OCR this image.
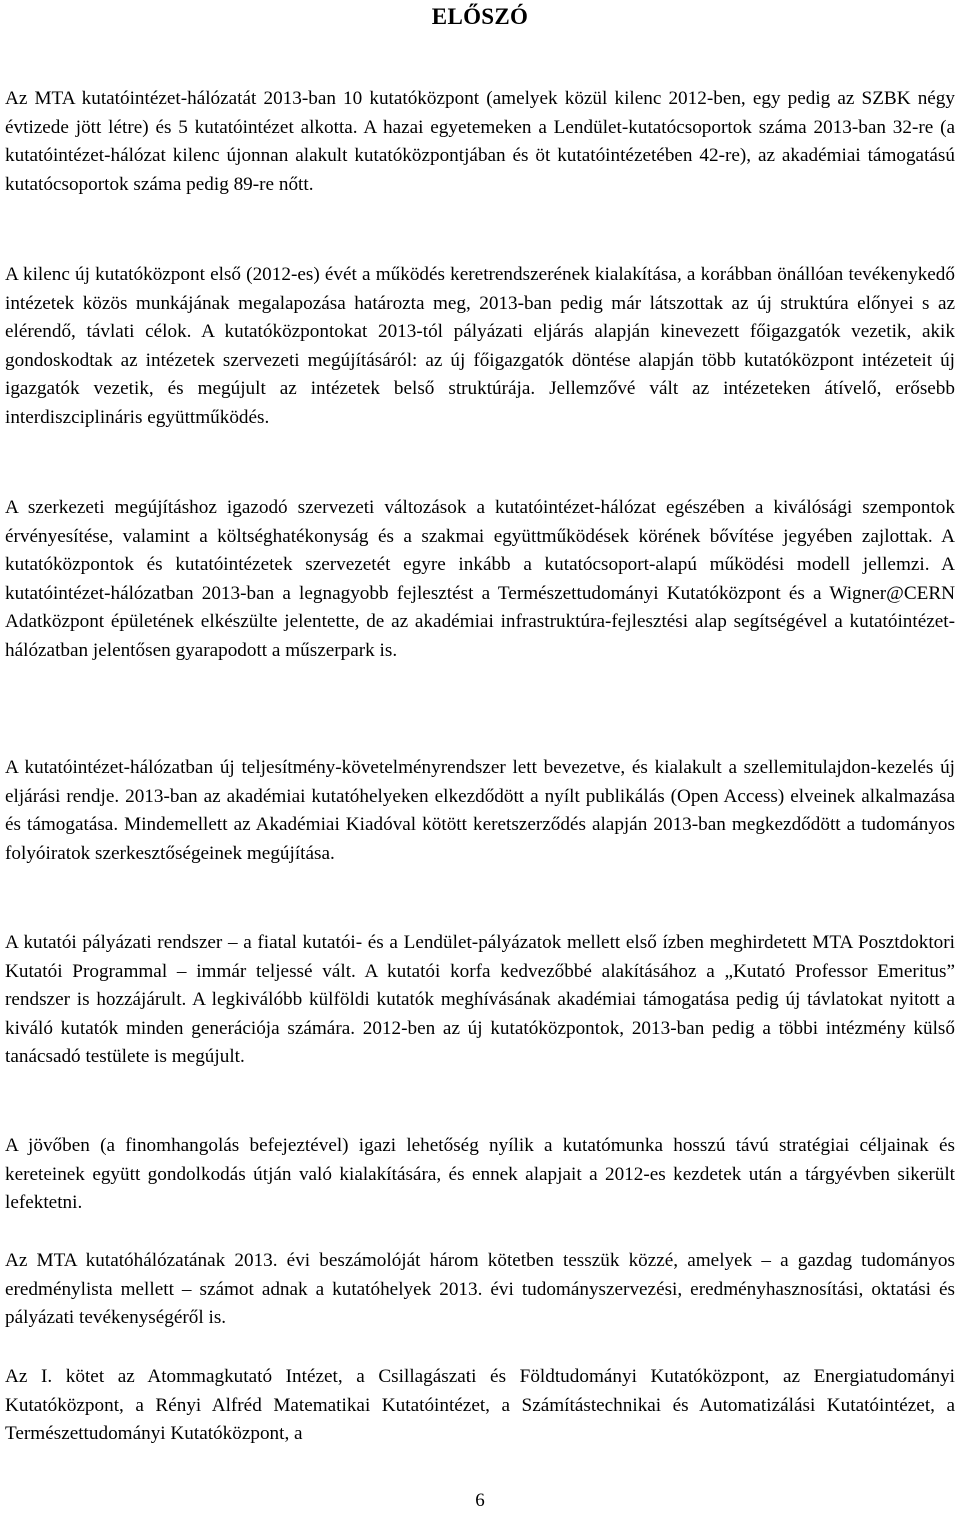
ELŐSZÓ

Az MTA kutatóintézet-hálózatát 2013-ban 10 kutatóközpont (amelyek közül kilenc 2012-ben, egy pedig az SZBK négy évtizede jött létre) és 5 kutatóintézet alkotta. A hazai egyetemeken a Lendület-kutatócsoportok száma 2013-ban 32-re (a kutatóintézet-hálózat kilenc újonnan alakult kutatóközpontjában és öt kutatóintézetében 42-re), az akadémiai támogatású kutatócsoportok száma pedig 89-re nőtt.

A kilenc új kutatóközpont első (2012-es) évét a működés keretrendszerének kialakítása, a korábban önállóan tevékenykedő intézetek közös munkájának megalapozása határozta meg, 2013-ban pedig már látszottak az új struktúra előnyei s az elérendő, távlati célok. A kutatóközpontokat 2013-tól pályázati eljárás alapján kinevezett főigazgatók vezetik, akik gondoskodtak az intézetek szervezeti megújításáról: az új főigazgatók döntése alapján több kutatóközpont intézeteit új igazgatók vezetik, és megújult az intézetek belső struktúrája. Jellemzővé vált az intézeteken átívelő, erősebb interdiszciplináris együttműködés.

A szerkezeti megújításhoz igazodó szervezeti változások a kutatóintézet-hálózat egészében a kiválósági szempontok érvényesítése, valamint a költséghatékonyság és a szakmai együttműködések körének bővítése jegyében zajlottak. A kutatóközpontok és kutatóintézetek szervezetét egyre inkább a kutatócsoport-alapú működési modell jellemzi. A kutatóintézet-hálózatban 2013-ban a legnagyobb fejlesztést a Természettudományi Kutatóközpont és a Wigner@CERN Adatközpont épületének elkészülte jelentette, de az akadémiai infrastruktúra-fejlesztési alap segítségével a kutatóintézet-hálózatban jelentősen gyarapodott a műszerpark is.

A kutatóintézet-hálózatban új teljesítmény-követelményrendszer lett bevezetve, és kialakult a szellemitulajdon-kezelés új eljárási rendje. 2013-ban az akadémiai kutatóhelyeken elkezdődött a nyílt publikálás (Open Access) elveinek alkalmazása és támogatása. Mindemellett az Akadémiai Kiadóval kötött keretszerződés alapján 2013-ban megkezdődött a tudományos folyóiratok szerkesztőségeinek megújítása.

A kutatói pályázati rendszer – a fiatal kutatói- és a Lendület-pályázatok mellett első ízben meghirdetett MTA Posztdoktori Kutatói Programmal – immár teljessé vált. A kutatói korfa kedvezőbbé alakításához a „Kutató Professor Emeritus” rendszer is hozzájárult. A legkiválóbb külföldi kutatók meghívásának akadémiai támogatása pedig új távlatokat nyitott a kiváló kutatók minden generációja számára. 2012-ben az új kutatóközpontok, 2013-ban pedig a többi intézmény külső tanácsadó testülete is megújult.

A jövőben (a finomhangolás befejeztével) igazi lehetőség nyílik a kutatómunka hosszú távú stratégiai céljainak és kereteinek együtt gondolkodás útján való kialakítására, és ennek alapjait a 2012-es kezdetek után a tárgyévben sikerült lefektetni.

Az MTA kutatóhálózatának 2013. évi beszámolóját három kötetben tesszük közzé, amelyek – a gazdag tudományos eredménylista mellett – számot adnak a kutatóhelyek 2013. évi tudományszervezési, eredményhasznosítási, oktatási és pályázati tevékenységéről is.

Az I. kötet az Atommagkutató Intézet, a Csillagászati és Földtudományi Kutatóközpont, az Energiatudományi Kutatóközpont, a Rényi Alfréd Matematikai Kutatóintézet, a Számítástechnikai és Automatizálási Kutatóintézet, a Természettudományi Kutatóközpont, a

6
